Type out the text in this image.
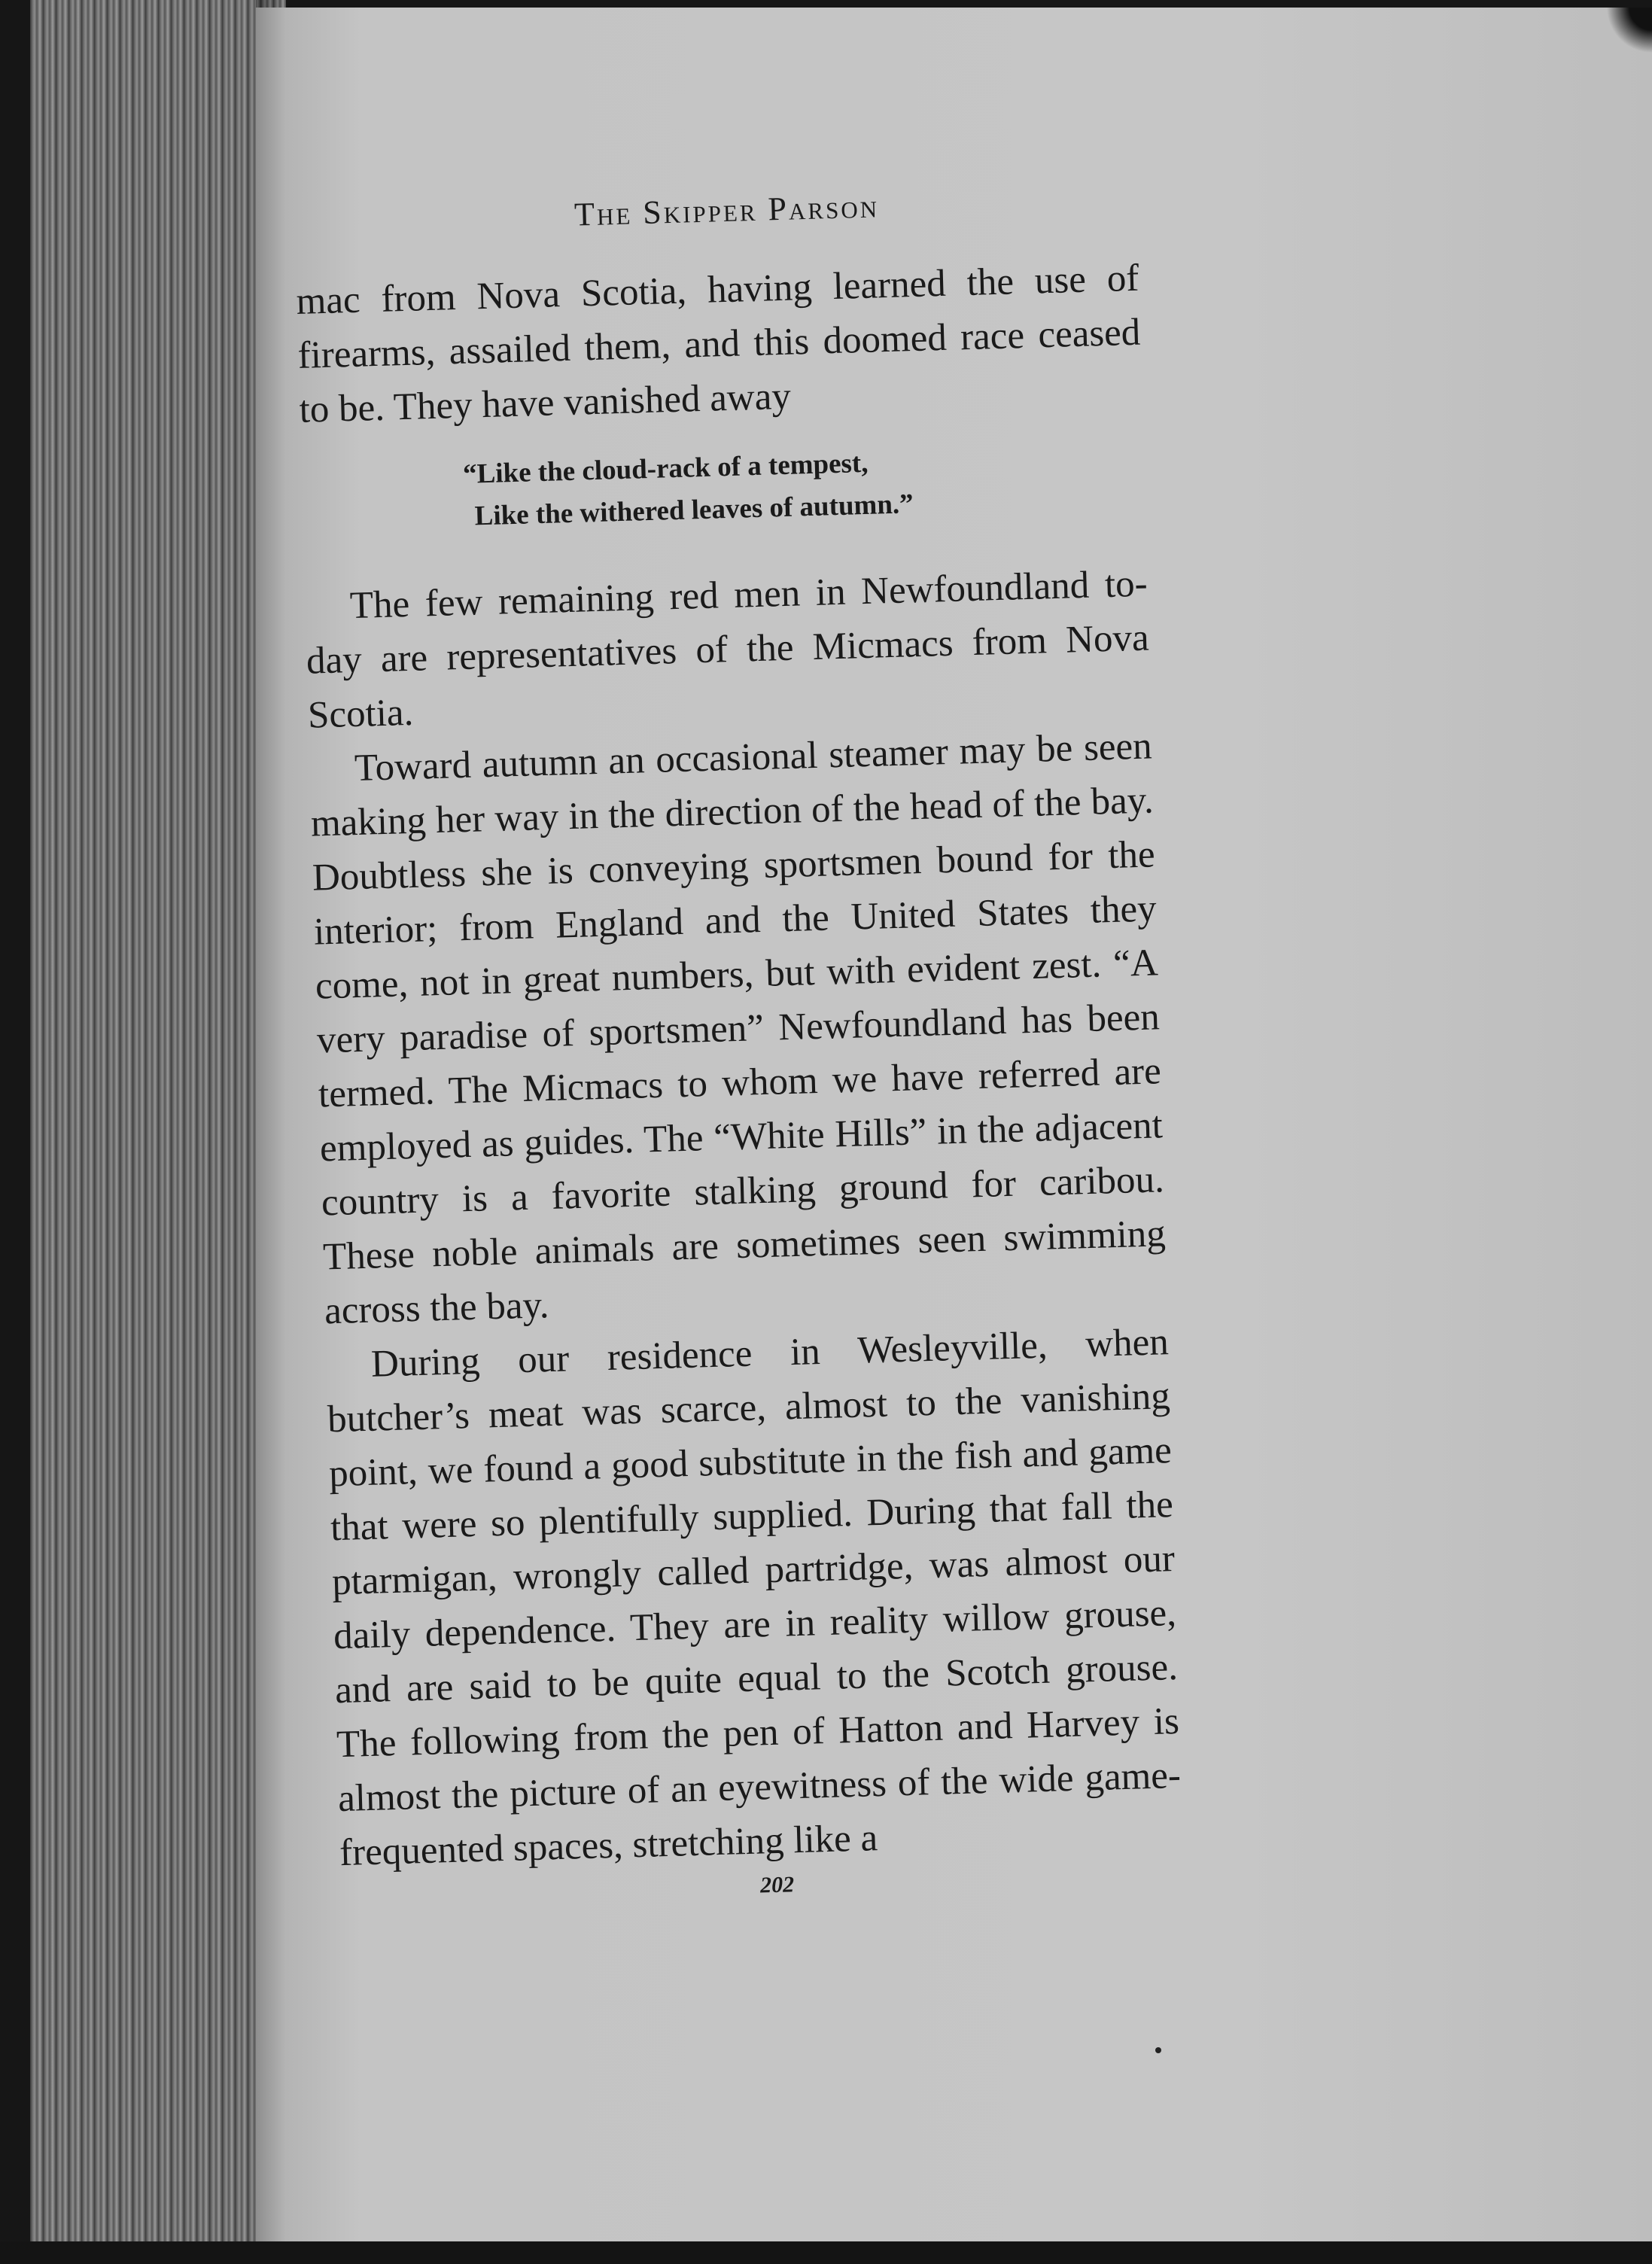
The Skipper Parson

mac from Nova Scotia, having learned the use of firearms, assailed them, and this doomed race ceased to be. They have vanished away

“Like the cloud-rack of a tempest,
Like the withered leaves of autumn.”

The few remaining red men in Newfoundland to-day are representatives of the Micmacs from Nova Scotia.

Toward autumn an occasional steamer may be seen making her way in the direction of the head of the bay. Doubtless she is conveying sportsmen bound for the interior; from England and the United States they come, not in great numbers, but with evident zest. “A very paradise of sportsmen” Newfoundland has been termed. The Micmacs to whom we have referred are employed as guides. The “White Hills” in the adjacent country is a favorite stalking ground for caribou. These noble animals are sometimes seen swimming across the bay.

During our residence in Wesleyville, when butcher’s meat was scarce, almost to the vanishing point, we found a good substitute in the fish and game that were so plentifully supplied. During that fall the ptarmigan, wrongly called partridge, was almost our daily dependence. They are in reality willow grouse, and are said to be quite equal to the Scotch grouse. The following from the pen of Hatton and Harvey is almost the picture of an eyewitness of the wide game-frequented spaces, stretching like a

202
